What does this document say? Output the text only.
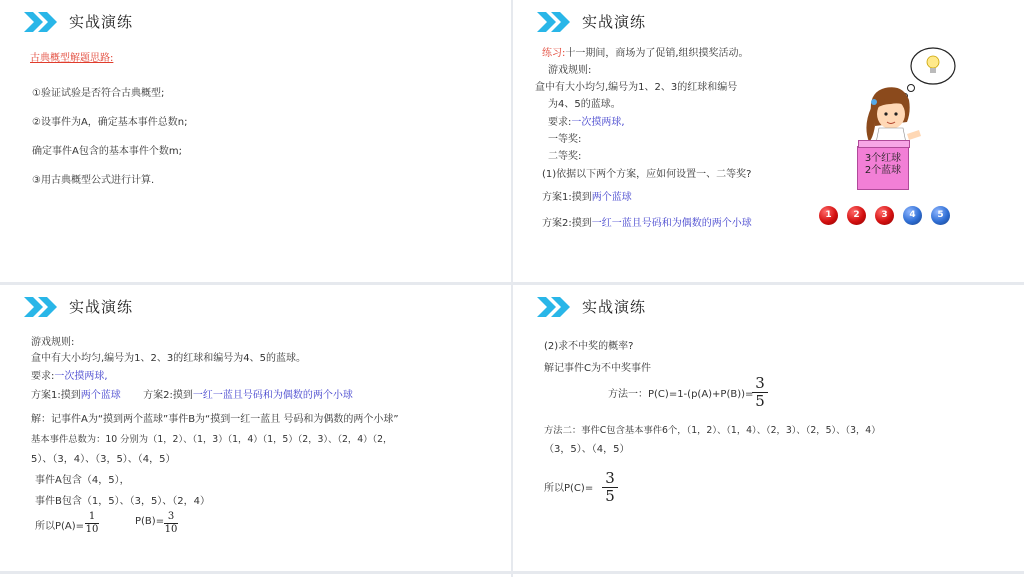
实战演练
古典概型解题思路:
①验证试验是否符合古典概型;
②设事件为A，确定基本事件总数n;
确定事件A包含的基本事件个数m;
③用古典概型公式进行计算.
实战演练
练习:十一期间，商场为了促销,组织摸奖活动。
游戏规则:
盒中有大小均匀,编号为1、2、3的红球和编号
为4、5的蓝球。
要求:一次摸两球,
一等奖:
二等奖:
(1)依据以下两个方案，应如何设置一、二等奖?
方案1:摸到两个蓝球
方案2:摸到一红一蓝且号码和为偶数的两个小球
3个红球
2个蓝球
1	2	3	4	5
实战演练
游戏规则:
盒中有大小均匀,编号为1、2、3的红球和编号为4、5的蓝球。
要求:一次摸两球,
方案1:摸到两个蓝球 方案2:摸到一红一蓝且号码和为偶数的两个小球
解：记事件A为“摸到两个蓝球”事件B为“摸到一红一蓝且 号码和为偶数的两个小球”
基本事件总数为：10 分别为（1，2）、（1，3）（1，4）（1，5）（2，3）、（2，4）（2，
5）、（3，4）、（3，5）、（4，5）
事件A包含（4，5），
事件B包含（1，5）、（3，5）、（2，4）
所以P(A)=
1
10
P(B)= 3
10
实战演练
(2)求不中奖的概率?
解记事件C为不中奖事件
方法一：P(C)=1-(p(A)+P(B))=
3
5
方法二：事件C包含基本事件6个，（1，2）、（1，4）、（2，3）、（2，5）、（3，4）
（3，5）、（4，5）
所以P(C)=
3
5
